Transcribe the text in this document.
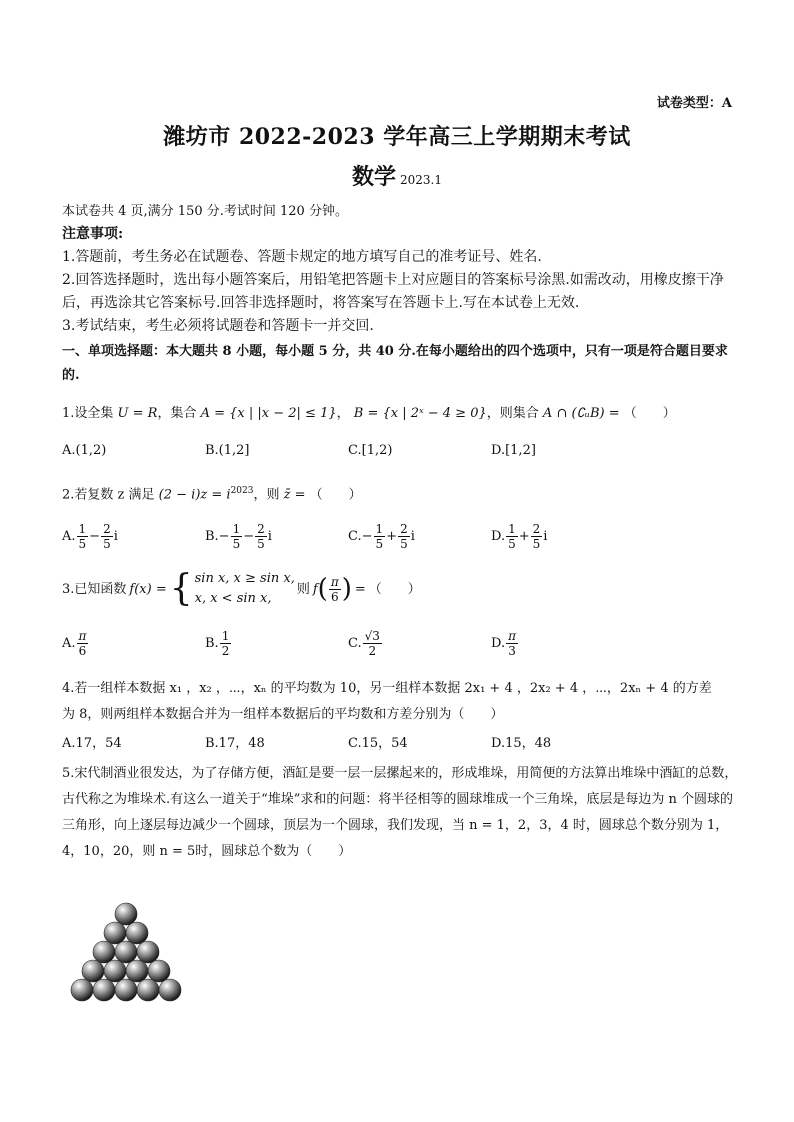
试卷类型：A
潍坊市 2022-2023 学年高三上学期期末考试
数学 2023.1

本试卷共 4 页,满分 150 分.考试时间 120 分钟。

注意事项:

1.答题前，考生务必在试题卷、答题卡规定的地方填写自己的准考证号、姓名.

2.回答选择题时，选出每小题答案后，用铅笔把答题卡上对应题目的答案标号涂黑.如需改动，用橡皮擦干净后，再选涂其它答案标号.回答非选择题时，将答案写在答题卡上.写在本试卷上无效.

3.考试结束，考生必须将试题卷和答题卡一并交回.

一、单项选择题：本大题共 8 小题，每小题 5 分，共 40 分.在每小题给出的四个选项中，只有一项是符合题目要求的.

1.设全集 U = R，集合 A = {x | |x − 2| ≤ 1}， B = {x | 2ˣ − 4 ≥ 0}，则集合 A ∩ (∁ᵤB) = （　　）
A.(1,2)	B.(1,2]	C.[1,2)	D.[1,2]
2.若复数 z 满足 $(2 - i)z = i^{2023}$，则 z̄ = （　　）
A. $\frac{1}{5} - \frac{2}{5}$ i	$B.- \frac{1}{5} - \frac{2}{5}$ i	$C.- \frac{1}{5} + \frac{2}{5}$ i	D. $\frac{1}{5} + \frac{2}{5}$ i
3.已知函数 f(x) = { sin x, x ≥ sin x,
x, x < sin x,
则 f ( $\frac{\pi}{6}$ ) = （　　）
A. $\frac{\pi}{6}$	B. $\frac{1}{2}$	C. $\frac{√3}{2}$	D. $\frac{\pi}{3}$
4.若一组样本数据 x₁ ，x₂ ，⋯，xₙ 的平均数为 10，另一组样本数据 2x₁ + 4 ，2x₂ + 4 ，⋯，2xₙ + 4 的方差
为 8，则两组样本数据合并为一组样本数据后的平均数和方差分别为（　　）
A.17，54	B.17，48	C.15，54	D.15，48
5.宋代制酒业很发达，为了存储方便，酒缸是要一层一层摞起来的，形成堆垛，用简便的方法算出堆垛中酒缸的总数，古代称之为堆垛术.有这么一道关于“堆垛”求和的问题：将半径相等的圆球堆成一个三角垛，底层是每边为 n 个圆球的三角形，向上逐层每边减少一个圆球，顶层为一个圆球，我们发现，当 n = 1，2，3，4 时，圆球总个数分别为 1，4，10，20，则 n = 5时，圆球总个数为（　　）
